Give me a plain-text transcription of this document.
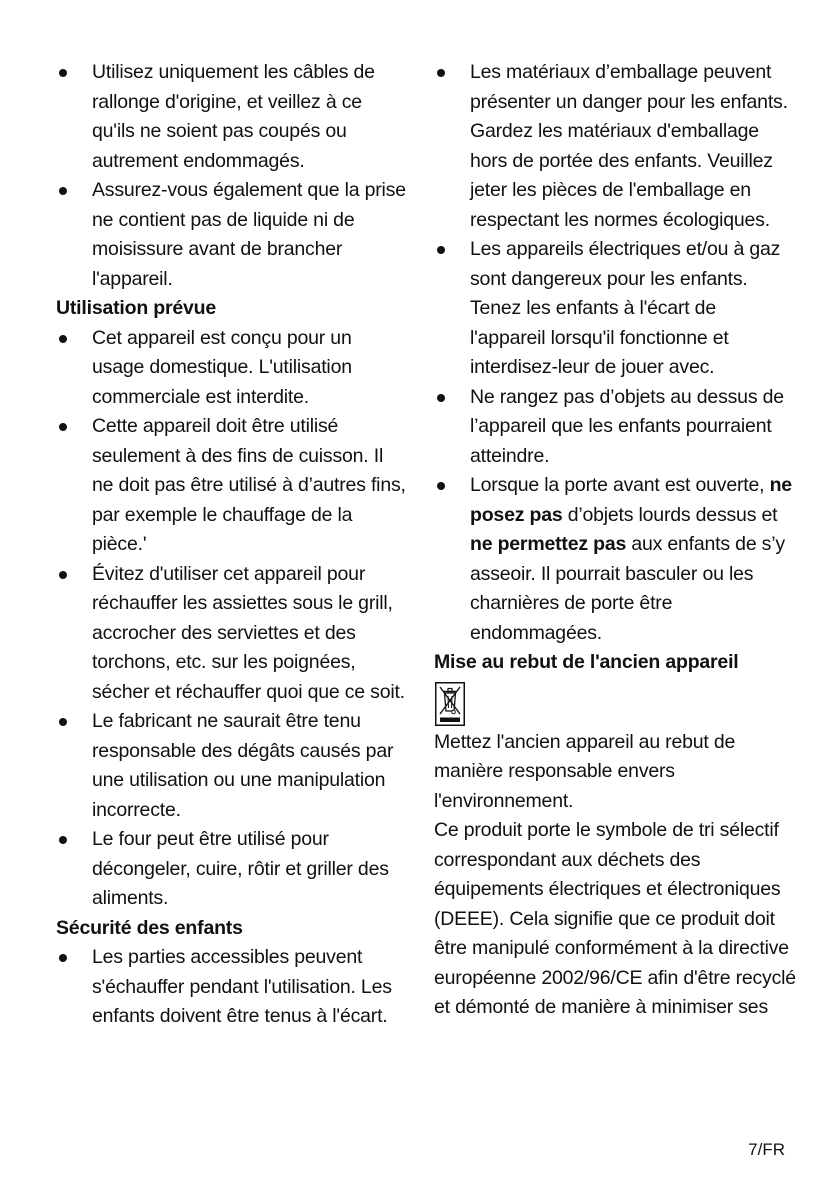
Utilisez uniquement les câbles de rallonge d'origine, et veillez à ce qu'ils ne soient pas coupés ou autrement endommagés.
Assurez-vous également que la prise ne contient pas de liquide ni de moisissure avant de brancher l'appareil.
Utilisation prévue
Cet appareil est conçu pour un usage domestique. L'utilisation commerciale est interdite.
Cette appareil doit être utilisé seulement à des fins de cuisson. Il ne doit pas être utilisé à d’autres fins, par exemple le chauffage de la pièce.'
Évitez d'utiliser cet appareil pour réchauffer les assiettes sous le grill, accrocher des serviettes et des torchons, etc. sur les poignées, sécher et réchauffer quoi que ce soit.
Le fabricant ne saurait être tenu responsable des dégâts causés par une utilisation ou une manipulation incorrecte.
Le four peut être utilisé pour décongeler, cuire, rôtir et griller des aliments.
Sécurité des enfants
Les parties accessibles peuvent s'échauffer pendant l'utilisation. Les enfants doivent être tenus à l'écart.
Les matériaux d’emballage peuvent présenter un danger pour les enfants. Gardez les matériaux d'emballage hors de portée des enfants. Veuillez jeter les pièces de l'emballage en respectant les normes écologiques.
Les appareils électriques et/ou à gaz sont dangereux pour les enfants. Tenez les enfants à l'écart de l'appareil lorsqu'il fonctionne et interdisez-leur de jouer avec.
Ne rangez pas d’objets au dessus de l’appareil que les enfants pourraient atteindre.
Lorsque la porte avant est ouverte, ne posez pas d’objets lourds dessus et ne permettez pas aux enfants de s’y asseoir. Il pourrait basculer ou les charnières de porte être endommagées.
Mise au rebut de l'ancien appareil

Mettez l'ancien appareil au rebut de manière responsable envers l'environnement.

Ce produit porte le symbole de tri sélectif correspondant aux déchets des équipements électriques et électroniques (DEEE). Cela signifie que ce produit doit être manipulé conformément à la directive européenne 2002/96/CE afin d'être recyclé et démonté de manière à minimiser ses

7/FR
